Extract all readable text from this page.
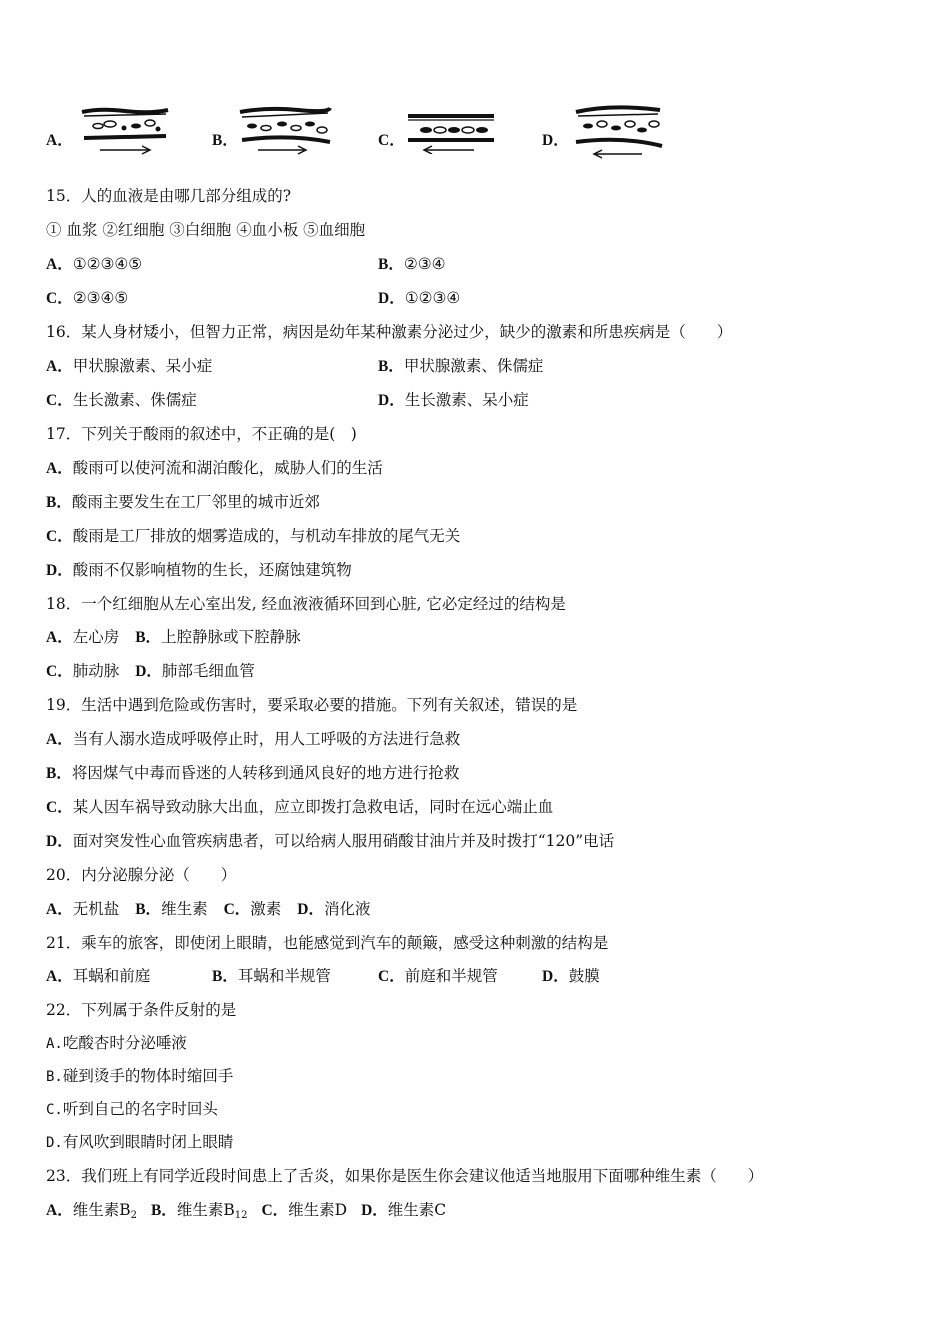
A．	B．	C．	D．
15．人的血液是由哪几部分组成的?
① 血浆 ②红细胞 ③白细胞 ④血小板 ⑤血细胞
A．①②③④⑤	B．②③④
C．②③④⑤	D．①②③④
16．某人身材矮小，但智力正常，病因是幼年某种激素分泌过少，缺少的激素和所患疾病是（　　）
A．甲状腺激素、呆小症	B．甲状腺激素、侏儒症
C．生长激素、侏儒症	D．生长激素、呆小症
17．下列关于酸雨的叙述中，不正确的是(　)
A．酸雨可以使河流和湖泊酸化，威胁人们的生活
B．酸雨主要发生在工厂邻里的城市近郊
C．酸雨是工厂排放的烟雾造成的，与机动车排放的尾气无关
D．酸雨不仅影响植物的生长，还腐蚀建筑物
18．一个红细胞从左心室出发, 经血液液循环回到心脏, 它必定经过的结构是
A．左心房 B．上腔静脉或下腔静脉
C．肺动脉 D．肺部毛细血管
19．生活中遇到危险或伤害时，要采取必要的措施。下列有关叙述，错误的是
A．当有人溺水造成呼吸停止时，用人工呼吸的方法进行急救
B．将因煤气中毒而昏迷的人转移到通风良好的地方进行抢救
C．某人因车祸导致动脉大出血，应立即拨打急救电话，同时在远心端止血
D．面对突发性心血管疾病患者，可以给病人服用硝酸甘油片并及时拨打“120”电话
20．内分泌腺分泌（　　）
A．无机盐 B．维生素 C．激素 D．消化液
21．乘车的旅客，即使闭上眼睛，也能感觉到汽车的颠簸，感受这种刺激的结构是
A．耳蜗和前庭	B．耳蜗和半规管	C．前庭和半规管	D．鼓膜
22．下列属于条件反射的是
A.吃酸杏时分泌唾液
B.碰到烫手的物体时缩回手
C.听到自己的名字时回头
D.有风吹到眼睛时闭上眼睛
23．我们班上有同学近段时间患上了舌炎，如果你是医生你会建议他适当地服用下面哪种维生素（　　）
A．维生素$B_2$ B．维生素$B_{12}$ C．维生素D D．维生素C
